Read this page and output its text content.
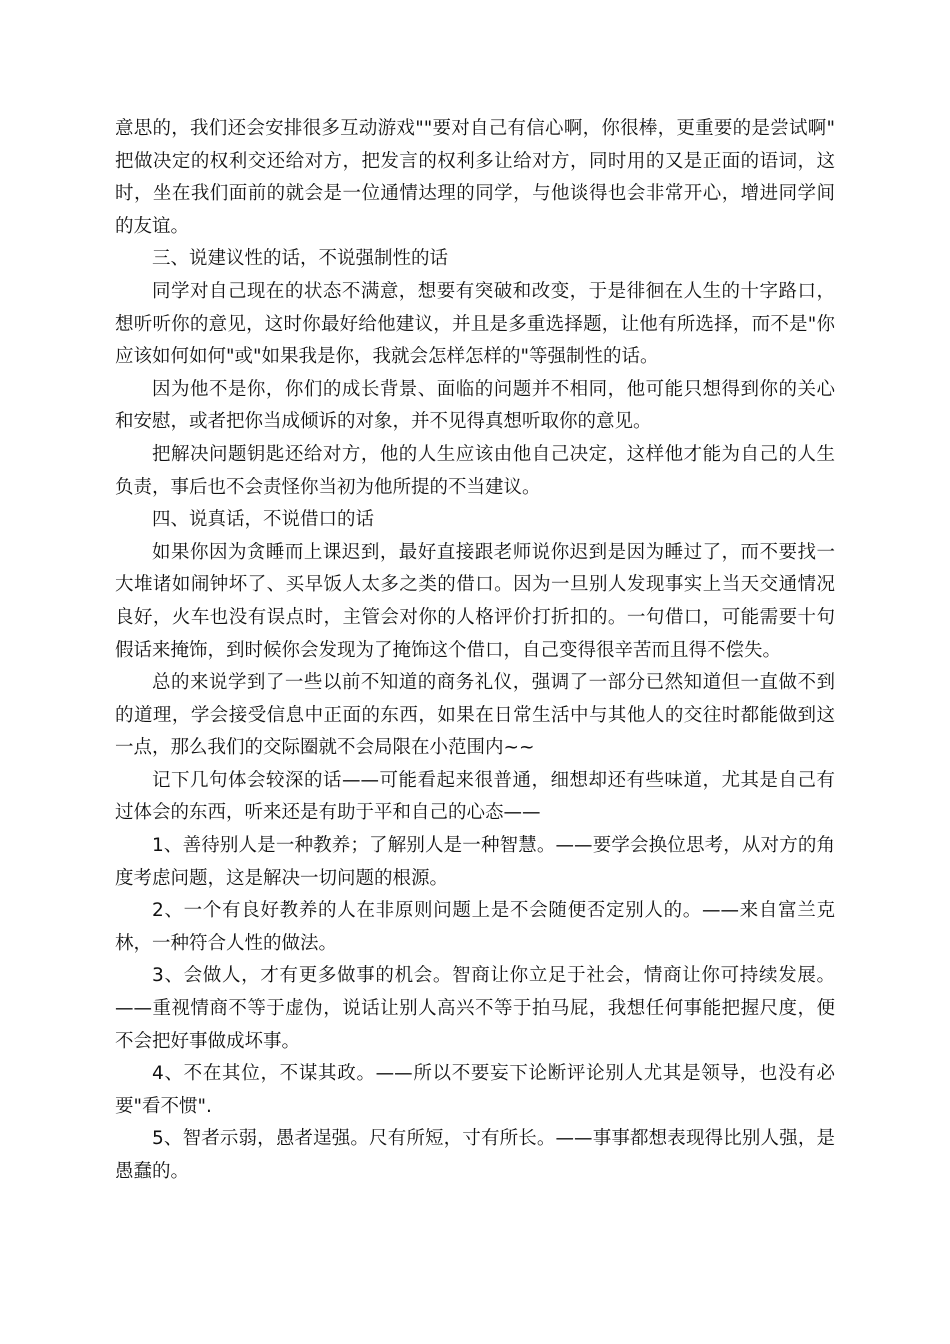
意思的，我们还会安排很多互动游戏""要对自己有信心啊，你很棒，更重要的是尝试啊" 把做决定的权利交还给对方，把发言的权利多让给对方，同时用的又是正面的语词，这时，坐在我们面前的就会是一位通情达理的同学，与他谈得也会非常开心，增进同学间的友谊。

三、说建议性的话，不说强制性的话

同学对自己现在的状态不满意，想要有突破和改变，于是徘徊在人生的十字路口，想听听你的意见，这时你最好给他建议，并且是多重选择题，让他有所选择，而不是"你应该如何如何"或"如果我是你，我就会怎样怎样的"等强制性的话。

因为他不是你，你们的成长背景、面临的问题并不相同，他可能只想得到你的关心和安慰，或者把你当成倾诉的对象，并不见得真想听取你的意见。

把解决问题钥匙还给对方，他的人生应该由他自己决定，这样他才能为自己的人生负责，事后也不会责怪你当初为他所提的不当建议。

四、说真话，不说借口的话

如果你因为贪睡而上课迟到，最好直接跟老师说你迟到是因为睡过了，而不要找一大堆诸如闹钟坏了、买早饭人太多之类的借口。因为一旦别人发现事实上当天交通情况良好，火车也没有误点时，主管会对你的人格评价打折扣的。一句借口，可能需要十句假话来掩饰，到时候你会发现为了掩饰这个借口，自己变得很辛苦而且得不偿失。

总的来说学到了一些以前不知道的商务礼仪，强调了一部分已然知道但一直做不到的道理，学会接受信息中正面的东西，如果在日常生活中与其他人的交往时都能做到这一点，那么我们的交际圈就不会局限在小范围内~~

记下几句体会较深的话——可能看起来很普通，细想却还有些味道，尤其是自己有过体会的东西，听来还是有助于平和自己的心态——

1、善待别人是一种教养；了解别人是一种智慧。——要学会换位思考，从对方的角度考虑问题，这是解决一切问题的根源。

2、一个有良好教养的人在非原则问题上是不会随便否定别人的。——来自富兰克林，一种符合人性的做法。

3、会做人，才有更多做事的机会。智商让你立足于社会，情商让你可持续发展。——重视情商不等于虚伪，说话让别人高兴不等于拍马屁，我想任何事能把握尺度，便不会把好事做成坏事。

4、不在其位，不谋其政。——所以不要妄下论断评论别人尤其是领导，也没有必要"看不惯".

5、智者示弱，愚者逞强。尺有所短，寸有所长。——事事都想表现得比别人强，是愚蠢的。
